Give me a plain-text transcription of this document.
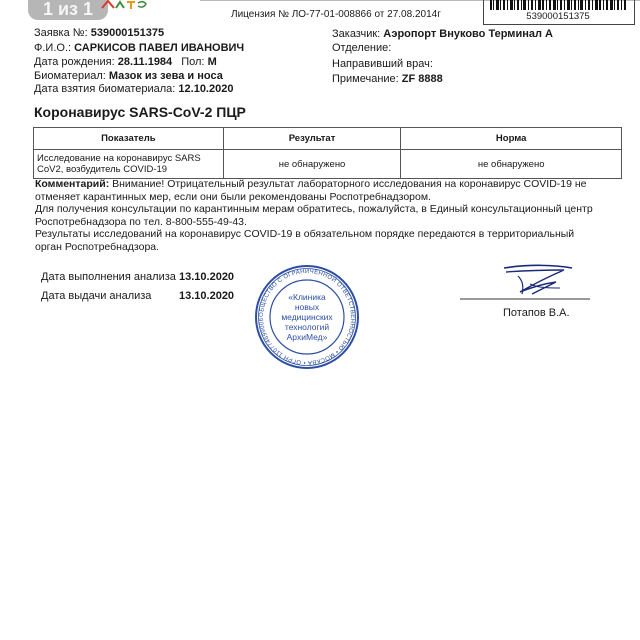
1 из 1	Лицензия № ЛО-77-01-008866 от 27.08.2014г	539000151375
Заявка №: 539000151375
Ф.И.О.: САРКИСОВ ПАВЕЛ ИВАНОВИЧ
Дата рождения: 28.11.1984 Пол: М
Биоматериал: Мазок из зева и носа
Дата взятия биоматериала: 12.10.2020
Заказчик: Аэропорт Внуково Терминал А
Отделение:
Направивший врач:
Примечание: ZF 8888
Коронавирус SARS-CoV-2 ПЦР
Показатель	Результат	Норма
Исследование на коронавирус SARS CoV2, возбудитель COVID-19	не обнаружено	не обнаружено
Комментарий: Внимание! Отрицательный результат лабораторного исследования на коронавирус COVID-19 не
отменяет карантинных мер, если они были рекомендованы Роспотребнадзором.
Для получения консультации по карантинным мерам обратитесь, пожалуйста, в Единый консультационный центр
Роспотребнадзора по тел. 8-800-555-49-43.
Результаты исследований на коронавирус COVID-19 в обязательном порядке передаются в территориальный
орган Роспотребнадзора.
Дата выполнения анализа 13.10.2020
Дата выдачи анализа	13.10.2020
ОБЩЕСТВО С ОГРАНИЧЕННОЙ ОТВЕТСТВЕННОСТЬЮ • МОСКВА • ОГРН 110774699006
«Клиника
новых
медицинских
технологий
АрхиМед»
Потапов В.А.
